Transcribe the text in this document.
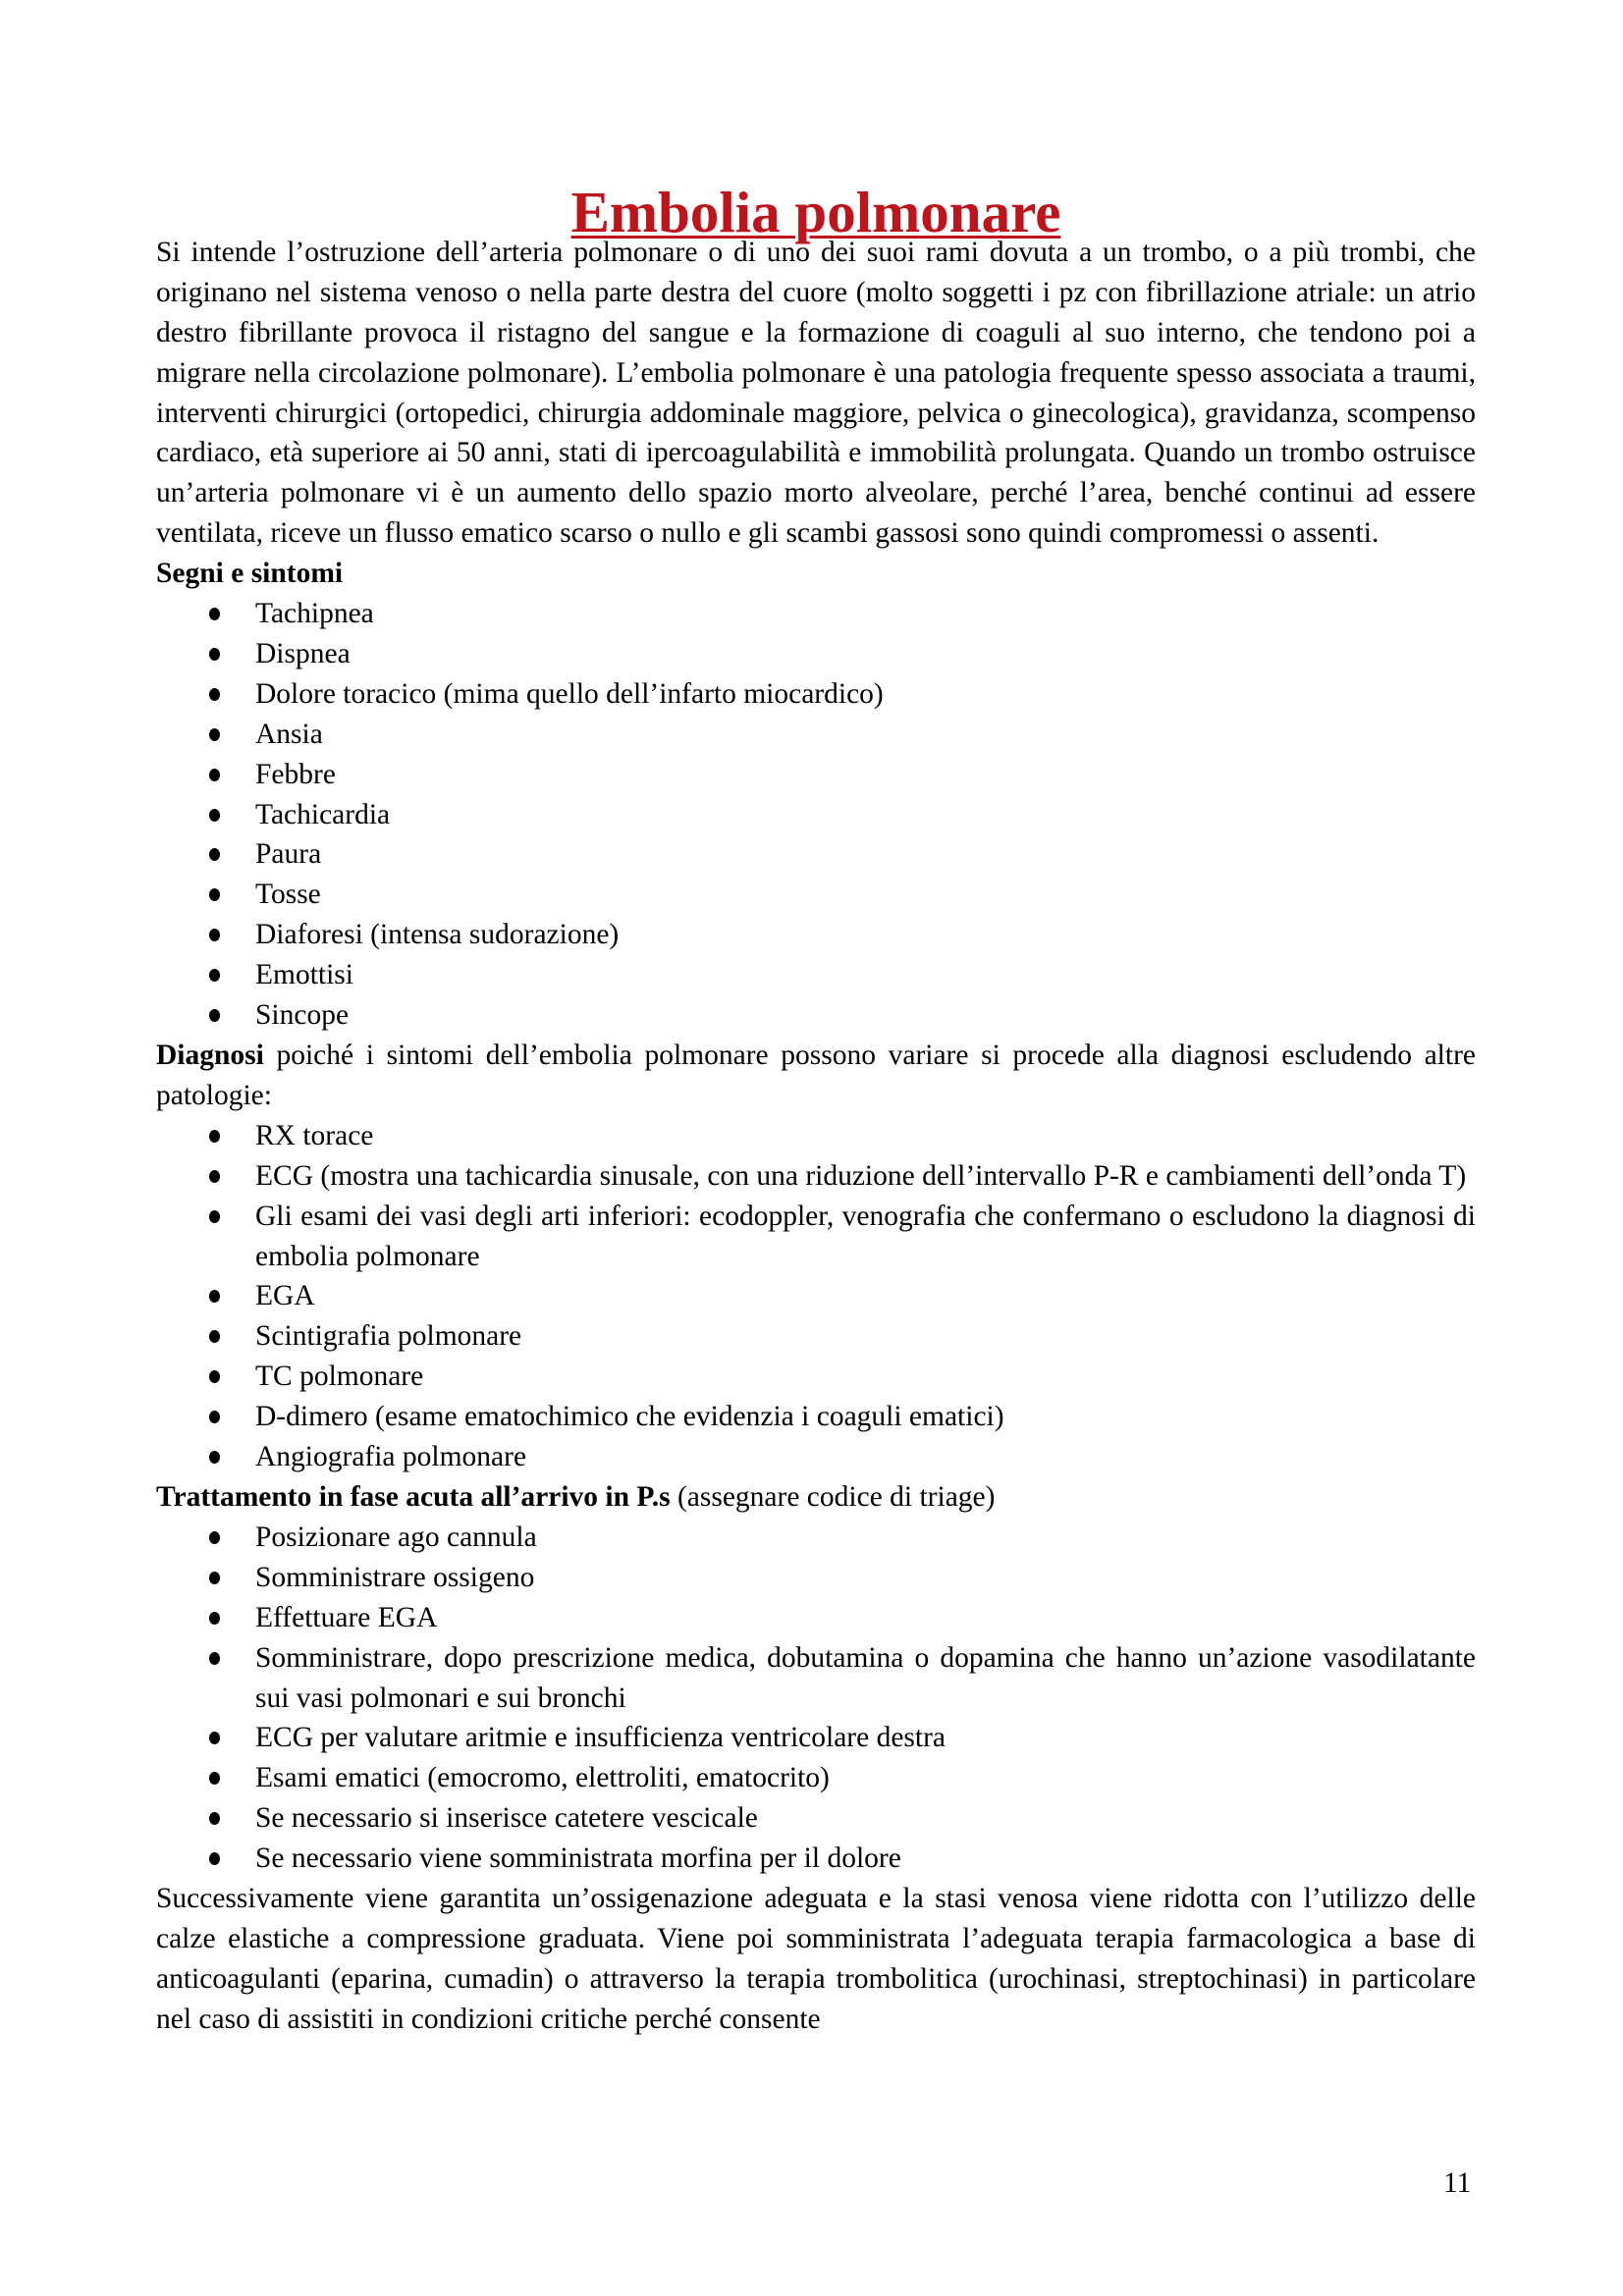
Embolia polmonare

Si intende l’ostruzione dell’arteria polmonare o di uno dei suoi rami dovuta a un trombo, o a più trombi, che originano nel sistema venoso o nella parte destra del cuore (molto soggetti i pz con fibrillazione atriale: un atrio destro fibrillante provoca il ristagno del sangue e la formazione di coaguli al suo interno, che tendono poi a migrare nella circolazione polmonare). L’embolia polmonare è una patologia frequente spesso associata a traumi, interventi chirurgici (ortopedici, chirurgia addominale maggiore, pelvica o ginecologica), gravidanza, scompenso cardiaco, età superiore ai 50 anni, stati di ipercoagulabilità e immobilità prolungata. Quando un trombo ostruisce un’arteria polmonare vi è un aumento dello spazio morto alveolare, perché l’area, benché continui ad essere ventilata, riceve un flusso ematico scarso o nullo e gli scambi gassosi sono quindi compromessi o assenti.

Segni e sintomi

Tachipnea
Dispnea
Dolore toracico (mima quello dell’infarto miocardico)
Ansia
Febbre
Tachicardia
Paura
Tosse
Diaforesi (intensa sudorazione)
Emottisi
Sincope

Diagnosi poiché i sintomi dell’embolia polmonare possono variare si procede alla diagnosi escludendo altre patologie:

RX torace
ECG (mostra una tachicardia sinusale, con una riduzione dell’intervallo P-R e cambiamenti dell’onda T)
Gli esami dei vasi degli arti inferiori: ecodoppler, venografia che confermano o escludono la diagnosi di embolia polmonare
EGA
Scintigrafia polmonare
TC polmonare
D-dimero (esame ematochimico che evidenzia i coaguli ematici)
Angiografia polmonare

Trattamento in fase acuta all’arrivo in P.s (assegnare codice di triage)

Posizionare ago cannula
Somministrare ossigeno
Effettuare EGA
Somministrare, dopo prescrizione medica, dobutamina o dopamina che hanno un’azione vasodilatante sui vasi polmonari e sui bronchi
ECG per valutare aritmie e insufficienza ventricolare destra
Esami ematici (emocromo, elettroliti, ematocrito)
Se necessario si inserisce catetere vescicale
Se necessario viene somministrata morfina per il dolore

Successivamente viene garantita un’ossigenazione adeguata e la stasi venosa viene ridotta con l’utilizzo delle calze elastiche a compressione graduata. Viene poi somministrata l’adeguata terapia farmacologica a base di anticoagulanti (eparina, cumadin) o attraverso la terapia trombolitica (urochinasi, streptochinasi) in particolare nel caso di assistiti in condizioni critiche perché consente

11
